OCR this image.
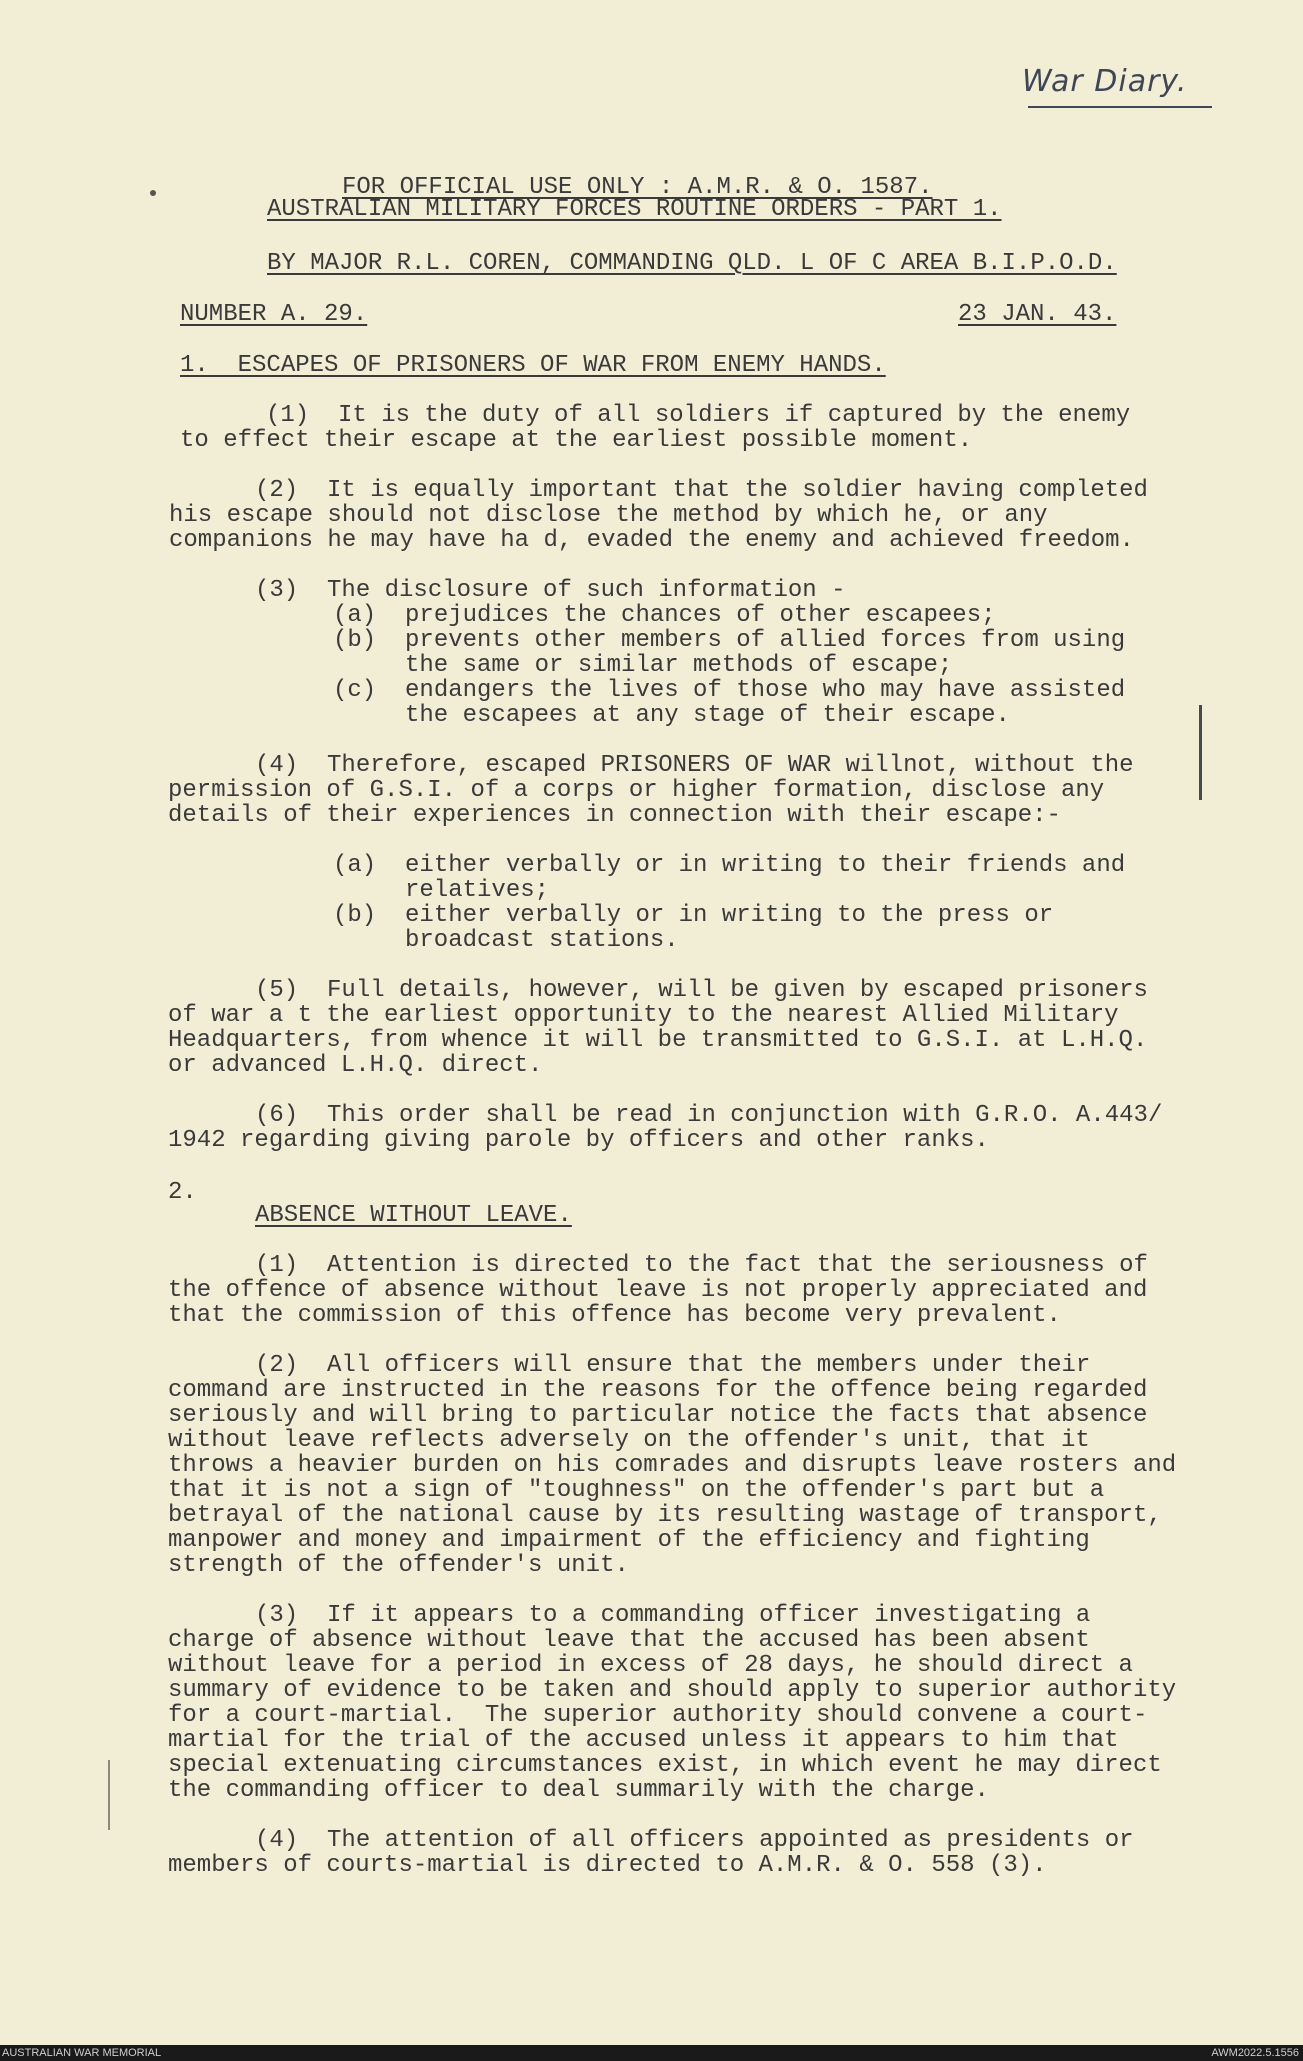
War Diary.

FOR OFFICIAL USE ONLY : A.M.R. & O. 1587.

AUSTRALIAN MILITARY FORCES ROUTINE ORDERS - PART 1.

BY MAJOR R.L. COREN, COMMANDING QLD. L OF C AREA B.I.P.O.D.

NUMBER A. 29.	23 JAN. 43.

1.  ESCAPES OF PRISONERS OF WAR FROM ENEMY HANDS.

(1)  It is the duty of all soldiers if captured by the enemy

to effect their escape at the earliest possible moment.

(2)  It is equally important that the soldier having completed

his escape should not disclose the method by which he, or any

companions he may have ha d, evaded the enemy and achieved freedom.

(3)  The disclosure of such information -

(a)  prejudices the chances of other escapees;

(b)  prevents other members of allied forces from using

the same or similar methods of escape;

(c)  endangers the lives of those who may have assisted

the escapees at any stage of their escape.

(4)  Therefore, escaped PRISONERS OF WAR willnot, without the

permission of G.S.I. of a corps or higher formation, disclose any

details of their experiences in connection with their escape:-

(a)  either verbally or in writing to their friends and

relatives;

(b)  either verbally or in writing to the press or

broadcast stations.

(5)  Full details, however, will be given by escaped prisoners

of war a t the earliest opportunity to the nearest Allied Military

Headquarters, from whence it will be transmitted to G.S.I. at L.H.Q.

or advanced L.H.Q. direct.

(6)  This order shall be read in conjunction with G.R.O. A.443/

1942 regarding giving parole by officers and other ranks.

2.

ABSENCE WITHOUT LEAVE.

(1)  Attention is directed to the fact that the seriousness of

the offence of absence without leave is not properly appreciated and

that the commission of this offence has become very prevalent.

(2)  All officers will ensure that the members under their

command are instructed in the reasons for the offence being regarded

seriously and will bring to particular notice the facts that absence

without leave reflects adversely on the offender's unit, that it

throws a heavier burden on his comrades and disrupts leave rosters and

that it is not a sign of "toughness" on the offender's part but a

betrayal of the national cause by its resulting wastage of transport,

manpower and money and impairment of the efficiency and fighting

strength of the offender's unit.

(3)  If it appears to a commanding officer investigating a

charge of absence without leave that the accused has been absent

without leave for a period in excess of 28 days, he should direct a

summary of evidence to be taken and should apply to superior authority

for a court-martial.  The superior authority should convene a court-

martial for the trial of the accused unless it appears to him that

special extenuating circumstances exist, in which event he may direct

the commanding officer to deal summarily with the charge.

(4)  The attention of all officers appointed as presidents or

members of courts-martial is directed to A.M.R. & O. 558 (3).

AUSTRALIAN WAR MEMORIAL	AWM2022.5.1556
